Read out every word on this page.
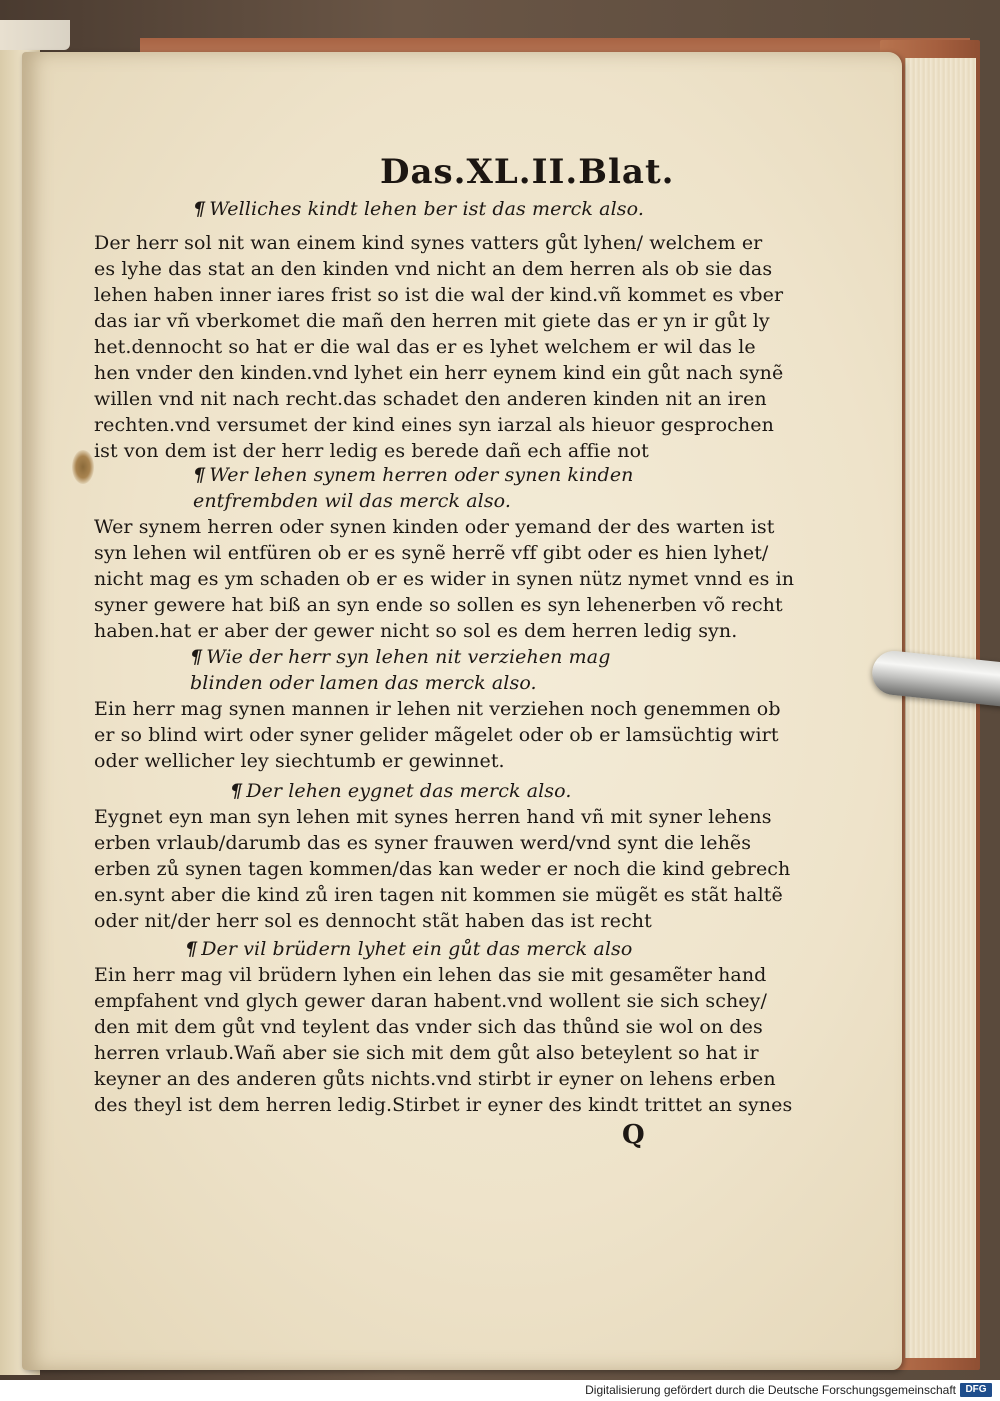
Das.XL.II.Blat.

¶ Welliches kindt lehen ber ist das merck also.

Der herr sol nit wan einem kind synes vatters gůt lyhen/ welchem er

es lyhe das stat an den kinden vnd nicht an dem herren als ob sie das

lehen haben inner iares frist so ist die wal der kind.vñ kommet es vber

das iar vñ vberkomet die mañ den herren mit giete das er yn ir gůt ly

het.dennocht so hat er die wal das er es lyhet welchem er wil das le

hen vnder den kinden.vnd lyhet ein herr eynem kind ein gůt nach synẽ

willen vnd nit nach recht.das schadet den anderen kinden nit an iren

rechten.vnd versumet der kind eines syn iarzal als hieuor gesprochen

ist von dem ist der herr ledig es berede dañ ech affie not

¶ Wer lehen synem herren oder synen kinden

entfrembden wil das merck also.

Wer synem herren oder synen kinden oder yemand der des warten ist

syn lehen wil entfüren ob er es synẽ herrẽ vff gibt oder es hien lyhet/

nicht mag es ym schaden ob er es wider in synen nütz nymet vnnd es in

syner gewere hat biß an syn ende so sollen es syn lehenerben võ recht

haben.hat er aber der gewer nicht so sol es dem herren ledig syn.

¶ Wie der herr syn lehen nit verziehen mag

blinden oder lamen das merck also.

Ein herr mag synen mannen ir lehen nit verziehen noch genemmen ob

er so blind wirt oder syner gelider mãgelet oder ob er lamsüchtig wirt

oder wellicher ley siechtumb er gewinnet.

¶ Der lehen eygnet das merck also.

Eygnet eyn man syn lehen mit synes herren hand vñ mit syner lehens

erben vrlaub/darumb das es syner frauwen werd/vnd synt die lehẽs

erben zů synen tagen kommen/das kan weder er noch die kind gebrech

en.synt aber die kind zů iren tagen nit kommen sie mügẽt es stãt haltẽ

oder nit/der herr sol es dennocht stãt haben das ist recht

¶ Der vil brüdern lyhet ein gůt das merck also

Ein herr mag vil brüdern lyhen ein lehen das sie mit gesamẽter hand

empfahent vnd glych gewer daran habent.vnd wollent sie sich schey/

den mit dem gůt vnd teylent das vnder sich das thůnd sie wol on des

herren vrlaub.Wañ aber sie sich mit dem gůt also beteylent so hat ir

keyner an des anderen gůts nichts.vnd stirbt ir eyner on lehens erben

des theyl ist dem herren ledig.Stirbet ir eyner des kindt trittet an synes

Q

Digitalisierung gefördert durch die Deutsche Forschungsgemeinschaft DFG
